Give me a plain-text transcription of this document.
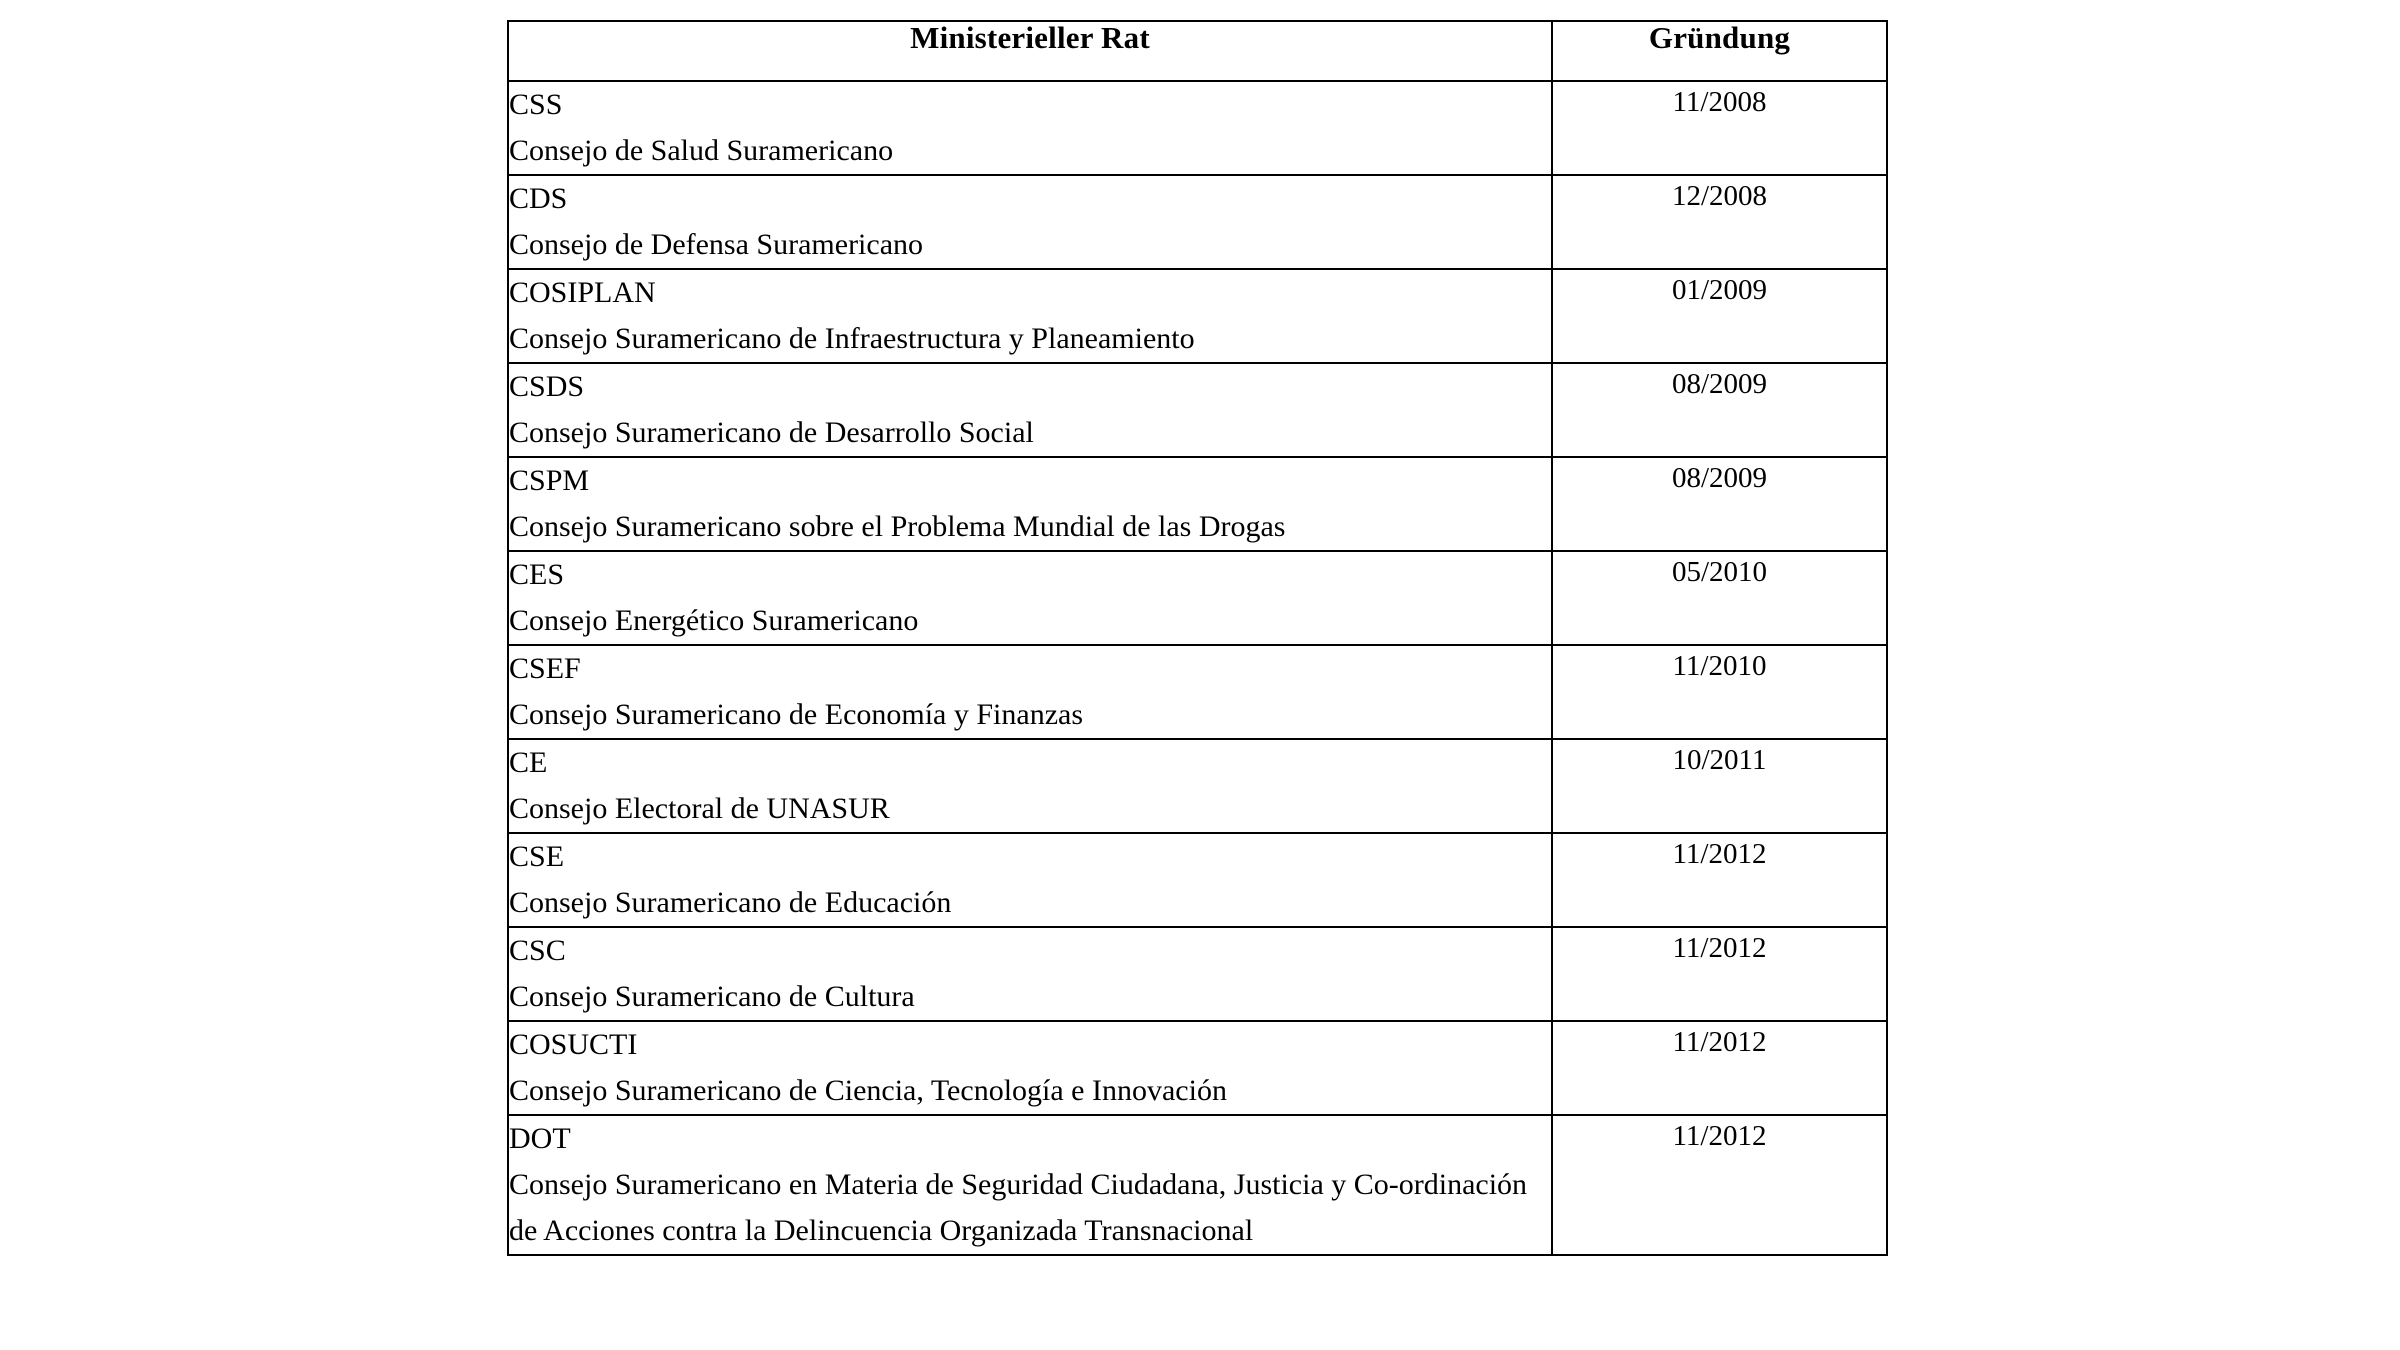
Ministerieller Rat	Gründung

CSS
Consejo de Salud Suramericano	11/2008

CDS
Consejo de Defensa Suramericano	12/2008

COSIPLAN
Consejo Suramericano de Infraestructura y Planeamiento	01/2009

CSDS
Consejo Suramericano de Desarrollo Social	08/2009

CSPM
Consejo Suramericano sobre el Problema Mundial de las Drogas	08/2009

CES
Consejo Energético Suramericano	05/2010

CSEF
Consejo Suramericano de Economía y Finanzas	11/2010

CE
Consejo Electoral de UNASUR	10/2011

CSE
Consejo Suramericano de Educación	11/2012

CSC
Consejo Suramericano de Cultura	11/2012

COSUCTI
Consejo Suramericano de Ciencia, Tecnología e Innovación	11/2012

DOT
Consejo Suramericano en Materia de Seguridad Ciudadana, Justicia y Co-ordinación de Acciones contra la Delincuencia Organizada Transnacional	11/2012
